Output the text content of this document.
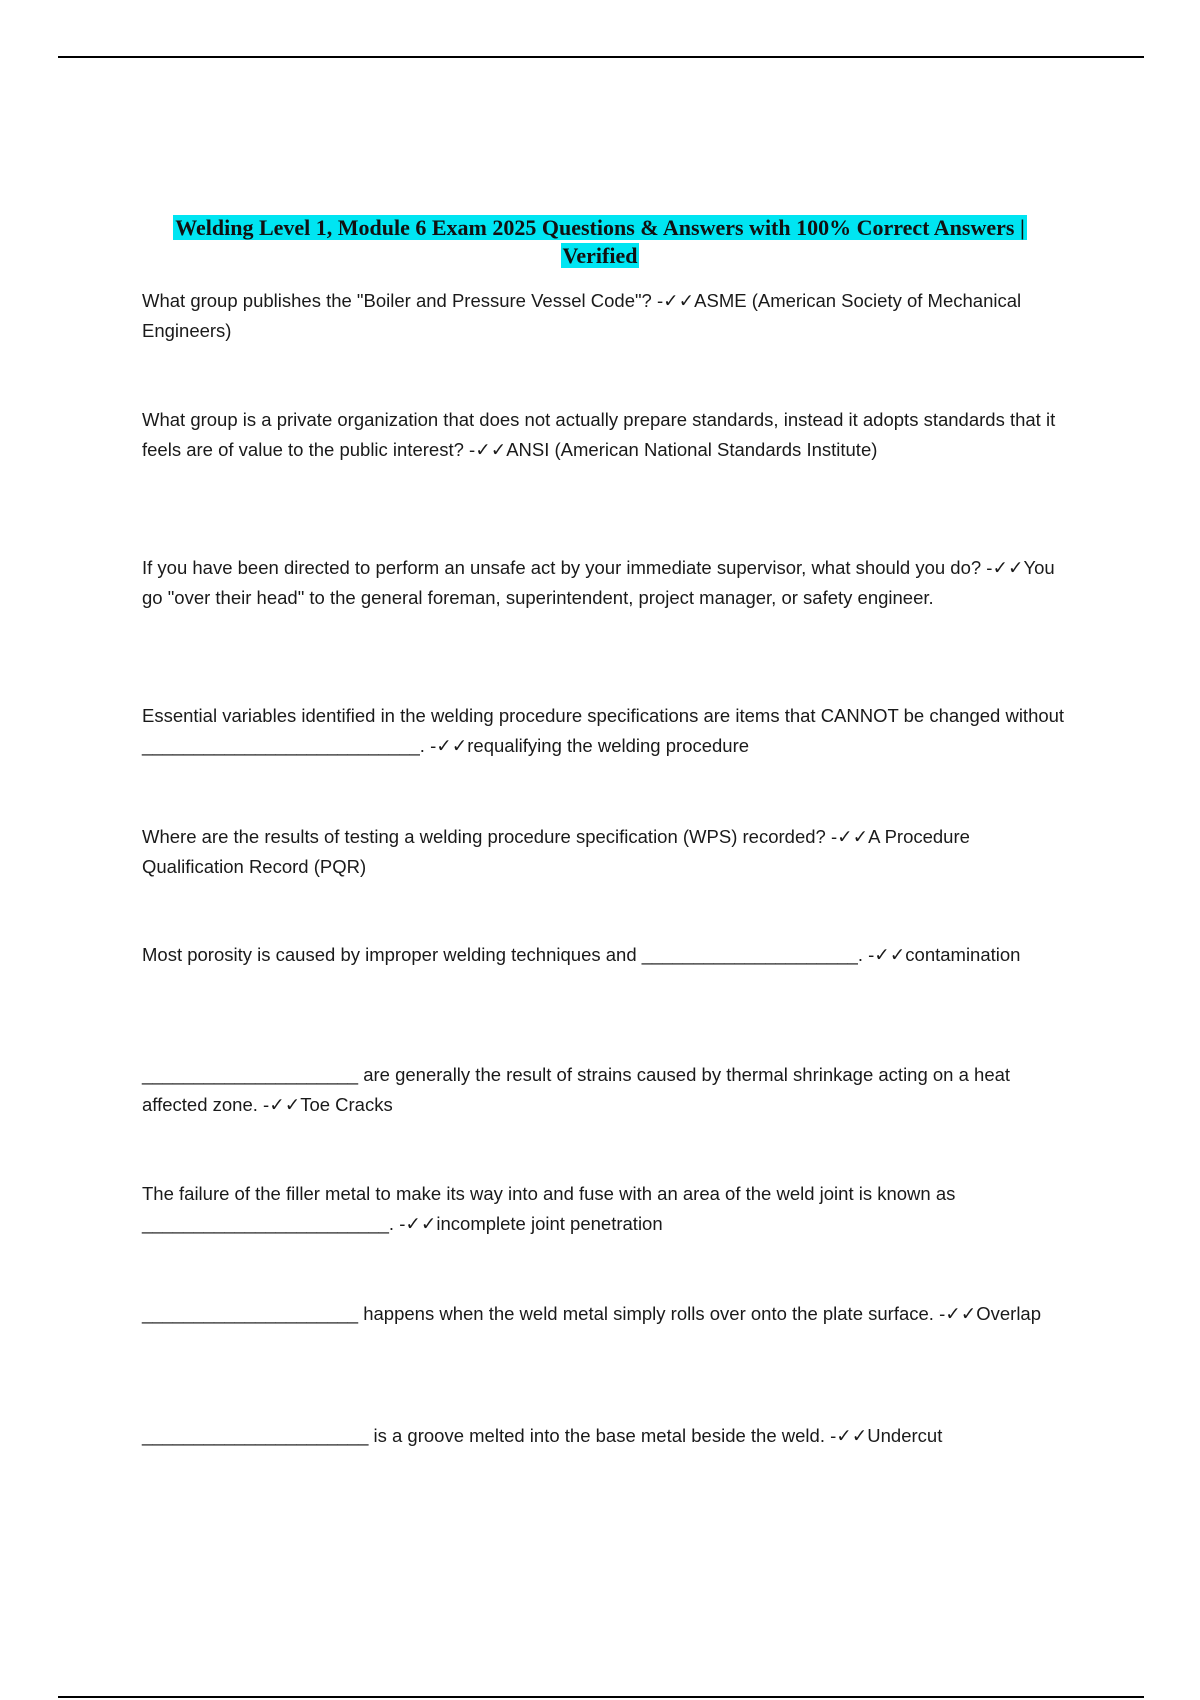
Welding Level 1, Module 6 Exam 2025 Questions & Answers with 100% Correct Answers |
Verified
What group publishes the "Boiler and Pressure Vessel Code"? -✓✓ASME (American Society of Mechanical Engineers)
What group is a private organization that does not actually prepare standards, instead it adopts standards that it feels are of value to the public interest? -✓✓ANSI (American National Standards Institute)
If you have been directed to perform an unsafe act by your immediate supervisor, what should you do? -✓✓You go "over their head" to the general foreman, superintendent, project manager, or safety engineer.
Essential variables identified in the welding procedure specifications are items that CANNOT be changed without ___________________________. -✓✓requalifying the welding procedure
Where are the results of testing a welding procedure specification (WPS) recorded? -✓✓A Procedure Qualification Record (PQR)
Most porosity is caused by improper welding techniques and _____________________. -✓✓contamination
_____________________ are generally the result of strains caused by thermal shrinkage acting on a heat affected zone. -✓✓Toe Cracks
The failure of the filler metal to make its way into and fuse with an area of the weld joint is known as ________________________. -✓✓incomplete joint penetration
_____________________ happens when the weld metal simply rolls over onto the plate surface. -✓✓Overlap
______________________ is a groove melted into the base metal beside the weld. -✓✓Undercut
